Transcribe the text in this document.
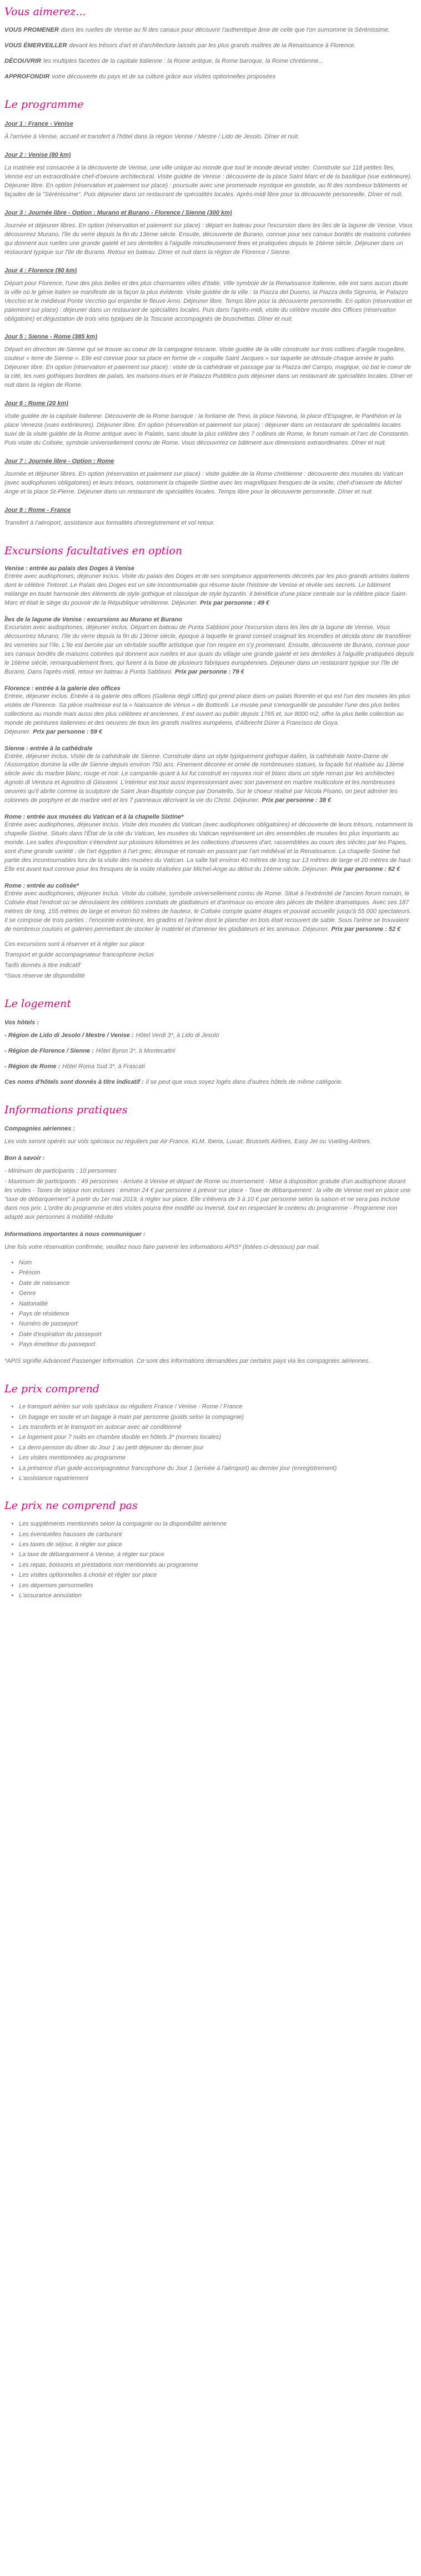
Vous aimerez...

VOUS PROMENER dans les ruelles de Venise au fil des canaux pour découvrir l'authentique âme de celle que l'on surnomme la Sérénissime.

VOUS ÉMERVEILLER devant les trésors d'art et d'architecture laissés par les plus grands maîtres de la Renaissance à Florence.

DÉCOUVRIR les multiples facettes de la capitale italienne : la Rome antique, la Rome baroque, la Rome chrétienne...

APPROFONDIR votre découverte du pays et de sa culture grâce aux visites optionnelles proposées

Le programme
Jour 1 : France - Venise

À l'arrivée à Venise, accueil et transfert à l'hôtel dans la région Venise / Mestre / Lido de Jesolo. Dîner et nuit.

Jour 2 : Venise (80 km)

La matinée est consacrée à la découverte de Venise, une ville unique au monde que tout le monde devrait visiter. Construite sur 118 petites îles, Venise est un extraordinaire chef-d'oeuvre architectural. Visite guidée de Venise : découverte de la place Saint Marc et de la basilique (vue extérieure). Déjeuner libre. En option (réservation et paiement sur place) : poursuite avec une promenade mystique en gondole, au fil des nombreux bâtiments et façades de la "Sérénissime". Puis déjeuner dans un restaurant de spécialités locales. Après-midi libre pour la découverte personnelle. Dîner et nuit.

Jour 3 : Journée libre - Option : Murano et Burano - Florence / Sienne (300 km)

Journée et déjeuner libres. En option (réservation et paiement sur place) : départ en bateau pour l'excursion dans les îles de la lagune de Venise. Vous découvrirez Murano, l'île du verre depuis la fin du 13ème siècle. Ensuite, découverte de Burano, connue pour ses canaux bordés de maisons colorées qui donnent aux ruelles une grande gaieté et ses dentelles à l'aiguille minutieusement fines et pratiquées depuis le 16ème siècle. Déjeuner dans un restaurant typique sur l'île de Burano. Retour en bateau. Dîner et nuit dans la région de Florence / Sienne.

Jour 4 : Florence (90 km)

Départ pour Florence, l'une des plus belles et des plus charmantes villes d'Italie. Ville symbole de la Renaissance italienne, elle est sans aucun doute la ville où le génie italien se manifeste de la façon la plus évidente. Visite guidée de la ville : la Piazza del Duomo, la Piazza della Signoria, le Palazzo Vecchio et le médiéval Ponte Vecchio qui enjambe le fleuve Arno. Déjeuner libre. Temps libre pour la découverte personnelle. En option (réservation et paiement sur place) : déjeuner dans un restaurant de spécialités locales. Puis dans l'après-midi, visite du célèbre musée des Offices (réservation obligatoire) et dégustation de trois vins typiques de la Toscane accompagnés de bruschettas. Dîner et nuit.

Jour 5 : Sienne - Rome (385 km)

Départ en direction de Sienne qui se trouve au coeur de la campagne toscane. Visite guidée de la ville construite sur trois collines d'argile rougeâtre, couleur « terre de Sienne ». Elle est connue pour sa place en forme de « coquille Saint Jacques » sur laquelle se déroule chaque année le palio. Déjeuner libre. En option (réservation et paiement sur place) : visite de la cathédrale et passage par la Piazza del Campo, magique, où bat le coeur de la cité, les rues gothiques bordées de palais, les maisons-tours et le Palazzo Pubblico puis déjeuner dans un restaurant de spécialités locales. Dîner et nuit dans la région de Rome.

Jour 6 : Rome (20 km)

Visite guidée de la capitale italienne. Découverte de la Rome baroque : la fontaine de Trevi, la place Navona, la place d'Espagne, le Panthéon et la place Venezia (vues extérieures). Déjeuner libre. En option (réservation et paiement sur place) : déjeuner dans un restaurant de spécialités locales suivi de la visite guidée de la Rome antique avec le Palatin, sans doute la plus célèbre des 7 collines de Rome, le forum romain et l'arc de Constantin. Puis visite du Colisée, symbole universellement connu de Rome. Vous découvrirez ce bâtiment aux dimensions extraordinaires. Dîner et nuit.

Jour 7 : Journée libre - Option : Rome

Journée et déjeuner libres. En option (réservation et paiement sur place) : visite guidée de la Rome chrétienne : découverte des musées du Vatican (avec audiophones obligatoires) et leurs trésors, notamment la chapelle Sixtine avec les magnifiques fresques de la voûte, chef-d'oeuvre de Michel Ange et la place St-Pierre. Déjeuner dans un restaurant de spécialités locales. Temps libre pour la découverte personnelle. Dîner et nuit.

Jour 8 : Rome - France

Transfert à l'aéroport, assistance aux formalités d'enregistrement et vol retour.

Excursions facultatives en option
Venise : entrée au palais des Doges à Venise

Entrée avec audiophones, déjeuner inclus. Visite du palais des Doges et de ses somptueux appartements décorés par les plus grands artistes italiens dont le célèbre Tintoret. Le Palais des Doges est un site incontournable qui résume toute l'histoire de Venise et révèle ses secrets. Le bâtiment mélange en toute harmonie des éléments de style gothique et classique de style byzantin. Il bénéficie d'une place centrale sur la célèbre place Saint-Marc et était le siège du pouvoir de la République vénitienne. Déjeuner. Prix par personne : 49 €

Îles de la lagune de Venise : excursions au Murano et Burano

Excursion avec audiophones, déjeuner inclus. Départ en bateau de Punta Sabbioni pour l'excursion dans les îles de la lagune de Venise. Vous découvrirez Murano, l'île du verre depuis la fin du 13ème siècle, époque à laquelle le grand conseil craignait les incendies et décida donc de transférer les verreries sur l'île. L'île est bercée par un véritable souffle artistique que l'on respire en s'y promenant. Ensuite, découverte de Burano, connue pour ses canaux bordés de maisons colorées qui donnent aux ruelles et aux quais du village une grande gaieté et ses dentelles à l'aiguille pratiquées depuis le 16ème siècle, remarquablement fines, qui furent à la base de plusieurs fabriques européennes. Déjeuner dans un restaurant typique sur l'île de Burano. Dans l'après-midi, retour en bateau à Punta Sabbioni. Prix par personne : 79 €

Florence : entrée à la galerie des offices

Entrée, déjeuner inclus. Entrée à la galerie des offices (Galleria degli Uffizi) qui prend place dans un palais florentin et qui est l'un des musées les plus visités de Florence. Sa pièce maîtresse est la « Naissance de Vénus » de Botticelli. Le musée peut s'enorgueillir de posséder l'une des plus belles collections au monde mais aussi des plus célèbres et anciennes. Il est ouvert au public depuis 1765 et, sur 8000 m2, offre la plus belle collection au monde de peintures italiennes et des oeuvres de tous les grands maîtres européens, d'Albrecht Dürer à Francisco de Goya. Déjeuner. Prix par personne : 59 €

Sienne : entrée à la cathédrale

Entrée, déjeuner inclus. Visite de la cathédrale de Sienne. Construite dans un style typiquement gothique italien, la cathédrale Notre-Dame de l'Assomption domine la ville de Sienne depuis environ 750 ans. Finement décorée et ornée de nombreuses statues, la façade fut réalisée au 13ème siècle avec du marbre blanc, rouge et noir. Le campanile quant à lui fut construit en rayures noir et blanc dans un style roman par les architectes Agnolo di Ventura et Agostino di Giovanni. L'intérieur est tout aussi impressionnant avec son pavement en marbre multicolore et les nombreuses oeuvres qu'il abrite comme la sculpture de Saint Jean-Baptiste conçue par Donatello. Sur le choeur réalisé par Nicola Pisano, on peut admirer les colonnes de porphyre et de marbre vert et les 7 panneaux décrivant la vie du Christ. Déjeuner. Prix par personne : 38 €

Rome : entrée aux musées du Vatican et à la chapelle Sixtine*

Entrée avec audiophones, déjeuner inclus. Visite des musées du Vatican (avec audiophones obligatoires) et découverte de leurs trésors, notamment la chapelle Sixtine. Situés dans l'État de la cité du Vatican, les musées du Vatican représentent un des ensembles de musées les plus importants au monde. Les salles d'exposition s'étendent sur plusieurs kilomètres et les collections d'oeuvres d'art, rassemblées au cours des siècles par les Papes, sont d'une grande variété : de l'art égyptien à l'art grec, étrusque et romain en passant par l'art médiéval et la Renaissance. La chapelle Sixtine fait partie des incontournables lors de la visite des musées du Vatican. La salle fait environ 40 mètres de long sur 13 mètres de large et 20 mètres de haut. Elle est avant tout connue pour les fresques de la voûte réalisées par Michel-Ange au début du 16ème siècle. Déjeuner. Prix par personne : 62 €

Rome : entrée au colisée*

Entrée avec audiophones, déjeuner inclus. Visite du colisée, symbole universellement connu de Rome. Situé à l'extrémité de l'ancien forum romain, le Colisée était l'endroit où se déroulaient les célèbres combats de gladiateurs et d'animaux ou encore des pièces de théâtre dramatiques. Avec ses 187 mètres de long, 155 mètres de large et environ 50 mètres de hauteur, le Colisée compte quatre étages et pouvait accueillir jusqu'à 55 000 spectateurs. Il se compose de trois parties : l'enceinte extérieure, les gradins et l'arène dont le plancher en bois était recouvert de sable. Sous l'arène se trouvaient de nombreux couloirs et galeries permettant de stocker le matériel et d'amener les gladiateurs et les animaux. Déjeuner. Prix par personne : 52 €

Ces excursions sont à réserver et à régler sur place

Transport et guide accompagnateur francophone inclus

Tarifs donnés à titre indicatif

*Sous réserve de disponibilité

Le logement
Vos hôtels :

- Région de Lido di Jesolo / Mestre / Venise : Hôtel Verdi 3*, à Lido di Jesolo

- Région de Florence / Sienne : Hôtel Byron 3*, à Montecatini

- Région de Rome : Hôtel Roma Sud 3*, à Frascati

Ces noms d'hôtels sont donnés à titre indicatif : il se peut que vous soyez logés dans d'autres hôtels de même catégorie.

Informations pratiques
Compagnies aériennes :

Les vols seront opérés sur vols spéciaux ou réguliers par Air France, KLM, Iberia, Luxair, Brussels Airlines, Easy Jet ou Vueling Airlines.

Bon à savoir :

- Minimum de participants : 10 personnes

- Maximum de participants : 49 personnes - Arrivée à Venise et départ de Rome ou inversement - Mise à disposition gratuite d'un audiophone durant les visites - Taxes de séjour non incluses : environ 24 € par personne à prévoir sur place - Taxe de débarquement : la ville de Venise met en place une "taxe de débarquement" à partir du 1er mai 2019, à régler sur place. Elle s'élèvera de 3 à 10 € par personne selon la saison et ne sera pas incluse dans nos prix. L'ordre du programme et des visites pourra être modifié ou inversé, tout en respectant le contenu du programme - Programme non adapté aux personnes à mobilité réduite

Informations importantes à nous communiquer :

Une fois votre réservation confirmée, veuillez nous faire parvenir les informations APIS* (listées ci-dessous) par mail.

• Nom
• Prénom
• Date de naissance
• Genre
• Nationalité
• Pays de résidence
• Numéro de passeport
• Date d'expiration du passeport
• Pays émetteur du passeport

*APIS signifie Advanced Passenger Information. Ce sont des informations demandées par certains pays via les compagnies aériennes.

Le prix comprend
• Le transport aérien sur vols spéciaux ou réguliers France / Venise - Rome / France
• Un bagage en soute et un bagage à main par personne (poids selon la compagnie)
• Les transferts et le transport en autocar avec air conditionné
• Le logement pour 7 nuits en chambre double en hôtels 3* (normes locales)
• La demi-pension du dîner du Jour 1 au petit déjeuner du dernier jour
• Les visites mentionnées au programme
• La présence d'un guide-accompagnateur francophone du Jour 1 (arrivée à l'aéroport) au dernier jour (enregistrement)
• L'assistance rapatriement
Le prix ne comprend pas
• Les suppléments mentionnés selon la compagnie ou la disponibilité aérienne
• Les éventuelles hausses de carburant
• Les taxes de séjour, à régler sur place
• La taxe de débarquement à Venise, à régler sur place
• Les repas, boissons et prestations non mentionnés au programme
• Les visites optionnelles à choisir et régler sur place
• Les dépenses personnelles
• L'assurance annulation
